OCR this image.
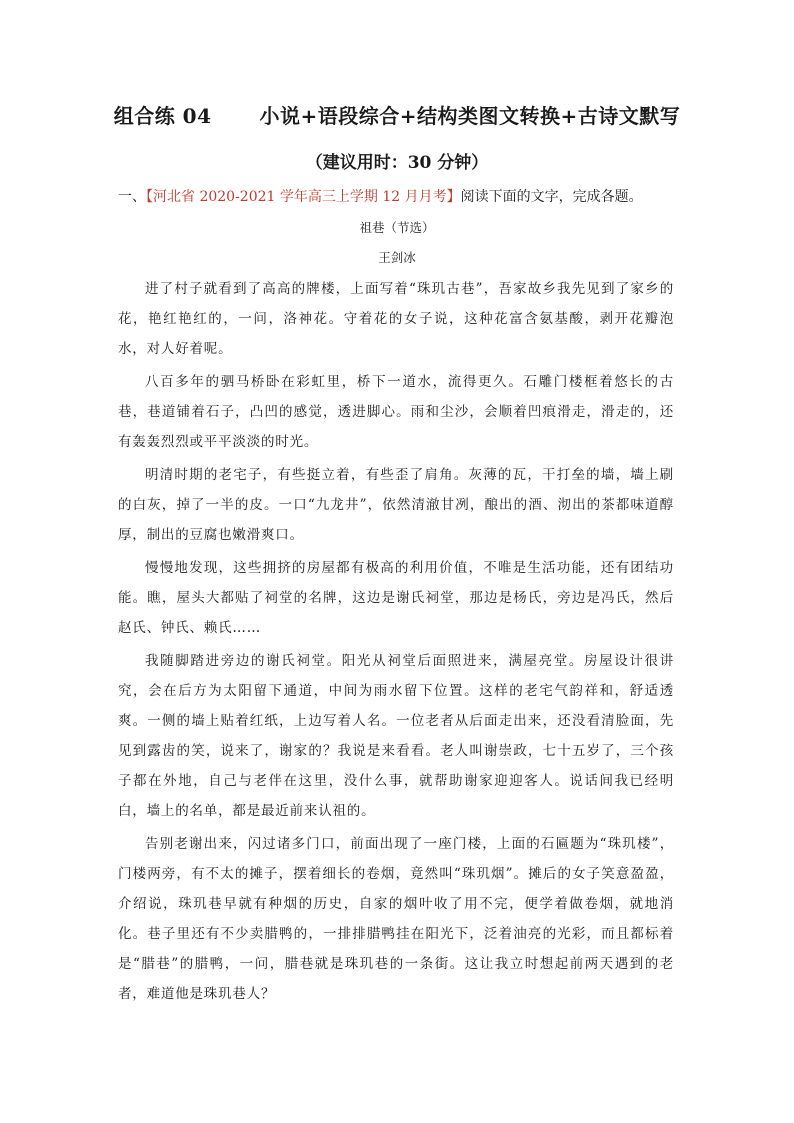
组合练 04 小说+语段综合+结构类图文转换+古诗文默写
（建议用时：30 分钟）
一、【河北省 2020-2021 学年高三上学期 12 月月考】阅读下面的文字，完成各题。
祖巷（节选）
王剑冰

进了村子就看到了高高的牌楼，上面写着“珠玑古巷”，吾家故乡我先见到了家乡的花，艳红艳红的，一问，洛神花。守着花的女子说，这种花富含氨基酸，剥开花瓣泡水，对人好着呢。

八百多年的驷马桥卧在彩虹里，桥下一道水，流得更久。石雕门楼框着悠长的古巷，巷道铺着石子，凸凹的感觉，透进脚心。雨和尘沙，会顺着凹痕滑走，滑走的，还有轰轰烈烈或平平淡淡的时光。

明清时期的老宅子，有些挺立着，有些歪了肩角。灰薄的瓦，干打垒的墙，墙上刷的白灰，掉了一半的皮。一口“九龙井”，依然清澈甘冽，酿出的酒、沏出的茶都味道醇厚，制出的豆腐也嫩滑爽口。

慢慢地发现，这些拥挤的房屋都有极高的利用价值，不唯是生活功能，还有团结功能。瞧，屋头大都贴了祠堂的名牌，这边是谢氏祠堂，那边是杨氏，旁边是冯氏，然后赵氏、钟氏、赖氏……

我随脚踏进旁边的谢氏祠堂。阳光从祠堂后面照进来，满屋亮堂。房屋设计很讲究，会在后方为太阳留下通道，中间为雨水留下位置。这样的老宅气韵祥和，舒适透爽。一侧的墙上贴着红纸，上边写着人名。一位老者从后面走出来，还没看清脸面，先见到露齿的笑，说来了，谢家的？我说是来看看。老人叫谢崇政，七十五岁了，三个孩子都在外地，自己与老伴在这里，没什么事，就帮助谢家迎迎客人。说话间我已经明白，墙上的名单，都是最近前来认祖的。

告别老谢出来，闪过诸多门口，前面出现了一座门楼，上面的石匾题为“珠玑楼”，门楼两旁，有不太的摊子，摆着细长的卷烟，竟然叫“珠玑烟”。摊后的女子笑意盈盈，介绍说，珠玑巷早就有种烟的历史，自家的烟叶收了用不完，便学着做卷烟，就地消化。巷子里还有不少卖腊鸭的，一排排腊鸭挂在阳光下，泛着油亮的光彩，而且都标着是“腊巷”的腊鸭，一问，腊巷就是珠玑巷的一条街。这让我立时想起前两天遇到的老者，难道他是珠玑巷人？
